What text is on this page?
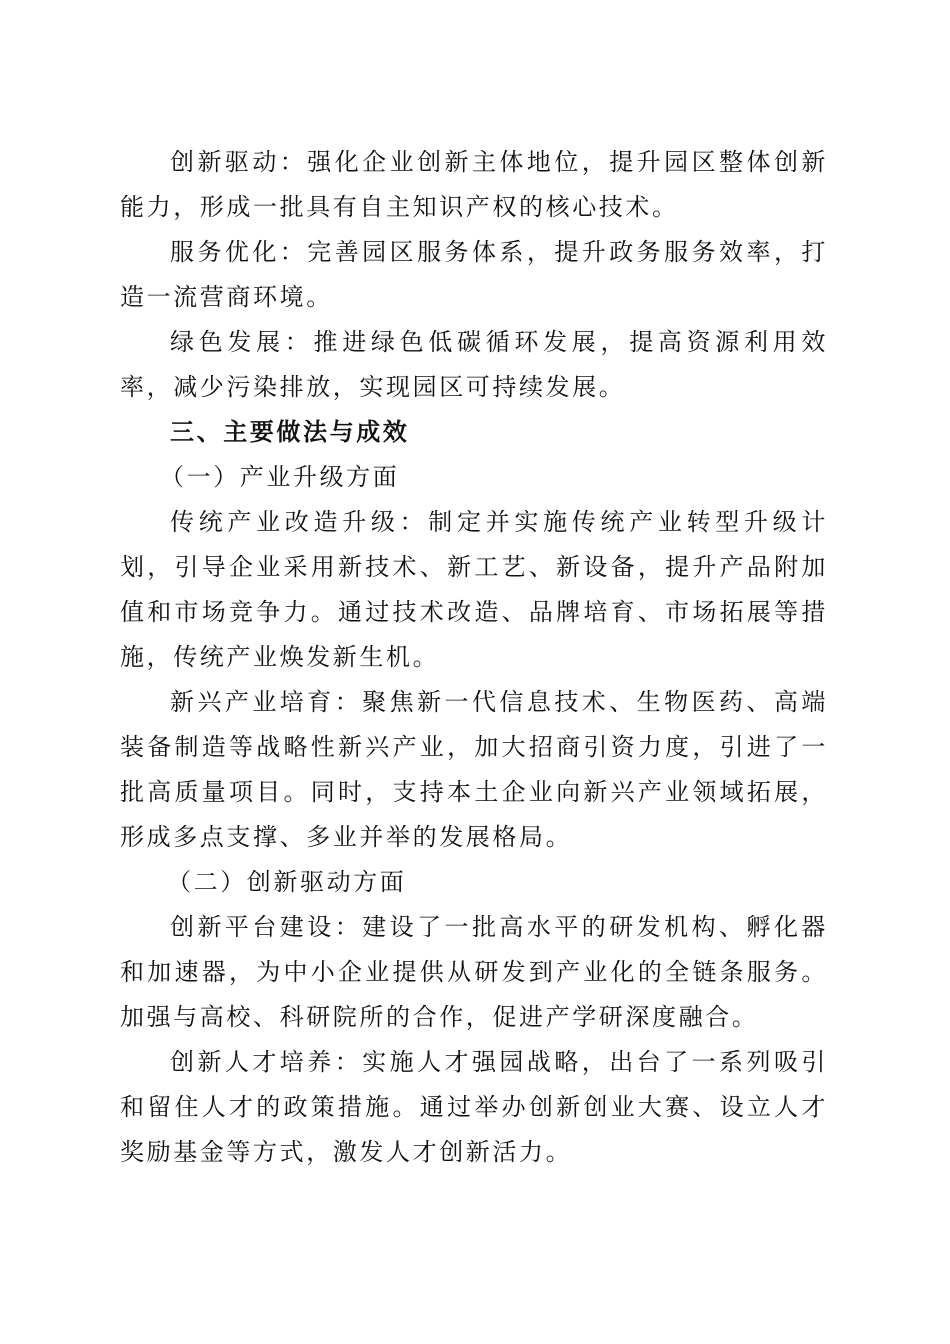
创新驱动：强化企业创新主体地位，提升园区整体创新能力，形成一批具有自主知识产权的核心技术。

服务优化：完善园区服务体系，提升政务服务效率，打造一流营商环境。

绿色发展：推进绿色低碳循环发展，提高资源利用效率，减少污染排放，实现园区可持续发展。

三、主要做法与成效

（一）产业升级方面

传统产业改造升级：制定并实施传统产业转型升级计划，引导企业采用新技术、新工艺、新设备，提升产品附加值和市场竞争力。通过技术改造、品牌培育、市场拓展等措施，传统产业焕发新生机。

新兴产业培育：聚焦新一代信息技术、生物医药、高端装备制造等战略性新兴产业，加大招商引资力度，引进了一批高质量项目。同时，支持本土企业向新兴产业领域拓展，形成多点支撑、多业并举的发展格局。

（二）创新驱动方面

创新平台建设：建设了一批高水平的研发机构、孵化器和加速器，为中小企业提供从研发到产业化的全链条服务。加强与高校、科研院所的合作，促进产学研深度融合。

创新人才培养：实施人才强园战略，出台了一系列吸引和留住人才的政策措施。通过举办创新创业大赛、设立人才奖励基金等方式，激发人才创新活力。
